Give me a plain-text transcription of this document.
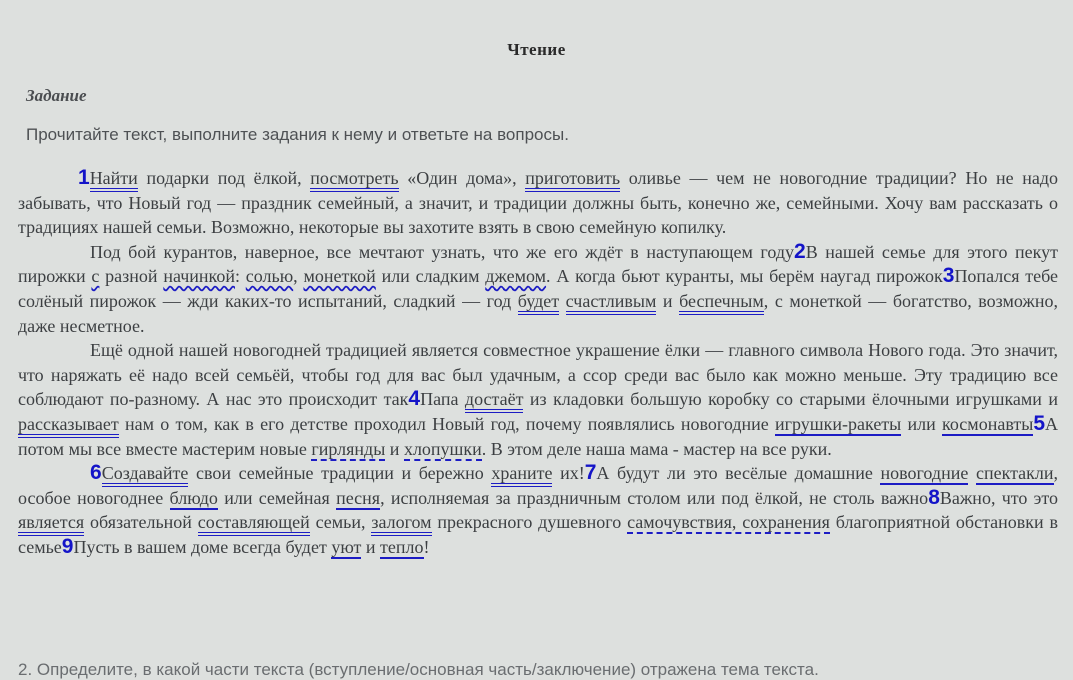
Чтение
Задание
Прочитайте текст, выполните задания к нему и ответьте на вопросы.

1Найти подарки под ёлкой, посмотреть «Один дома», приготовить оливье — чем не новогодние традиции? Но не надо забывать, что Новый год — праздник семейный, а значит, и традиции должны быть, конечно же, семейными. Хочу вам рассказать о традициях нашей семьи. Возможно, некоторые вы захотите взять в свою семейную копилку.

Под бой курантов, наверное, все мечтают узнать, что же его ждёт в наступающем году2В нашей семье для этого пекут пирожки с разной начинкой: солью, монеткой или сладким джемом. А когда бьют куранты, мы берём наугад пирожок3Попался тебе солёный пирожок — жди каких-то испытаний, сладкий — год будет счастливым и беспечным, с монеткой — богатство, возможно, даже несметное.

Ещё одной нашей новогодней традицией является совместное украшение ёлки — главного символа Нового года. Это значит, что наряжать её надо всей семьёй, чтобы год для вас был удачным, а ссор среди вас было как можно меньше. Эту традицию все соблюдают по-разному. А нас это происходит так4Папа достаёт из кладовки большую коробку со старыми ёлочными игрушками и рассказывает нам о том, как в его детстве проходил Новый год, почему появлялись новогодние игрушки-ракеты или космонавты5А потом мы все вместе мастерим новые гирлянды и хлопушки. В этом деле наша мама - мастер на все руки.

6Создавайте свои семейные традиции и бережно храните их!7А будут ли это весёлые домашние новогодние спектакли, особое новогоднее блюдо или семейная песня, исполняемая за праздничным столом или под ёлкой, не столь важно8Важно, что это является обязательной составляющей семьи, залогом прекрасного душевного самочувствия, сохранения благоприятной обстановки в семье9Пусть в вашем доме всегда будет уют и тепло!

2. Определите, в какой части текста (вступление/основная часть/заключение) отражена тема текста.
